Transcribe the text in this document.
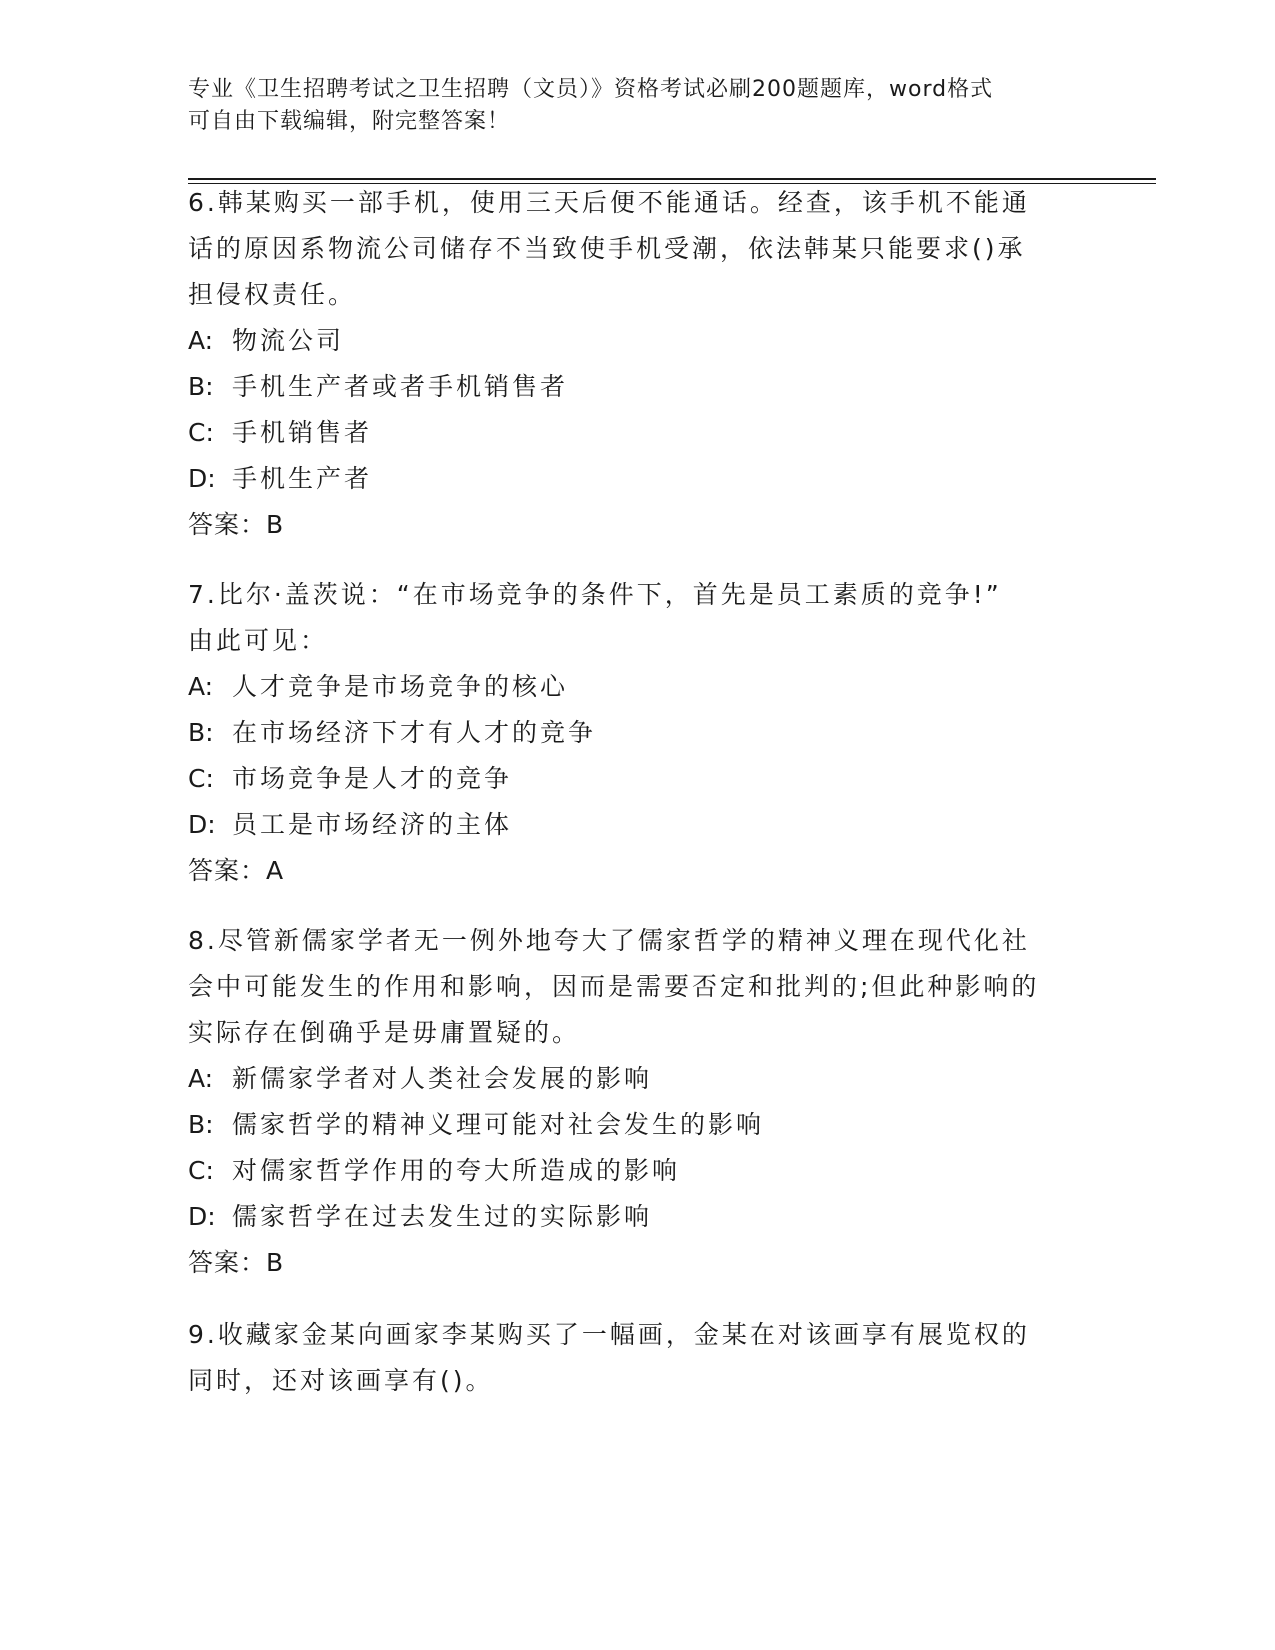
专业《卫生招聘考试之卫生招聘（文员）》资格考试必刷200题题库，word格式
可自由下载编辑，附完整答案！
6.韩某购买一部手机，使用三天后便不能通话。经查，该手机不能通
话的原因系物流公司储存不当致使手机受潮，依法韩某只能要求()承
担侵权责任。
A: 物流公司
B: 手机生产者或者手机销售者
C: 手机销售者
D: 手机生产者
答案：B
7.比尔·盖茨说：“在市场竞争的条件下，首先是员工素质的竞争!”
由此可见：
A: 人才竞争是市场竞争的核心
B: 在市场经济下才有人才的竞争
C: 市场竞争是人才的竞争
D: 员工是市场经济的主体
答案：A
8.尽管新儒家学者无一例外地夸大了儒家哲学的精神义理在现代化社
会中可能发生的作用和影响，因而是需要否定和批判的;但此种影响的
实际存在倒确乎是毋庸置疑的。
A: 新儒家学者对人类社会发展的影响
B: 儒家哲学的精神义理可能对社会发生的影响
C: 对儒家哲学作用的夸大所造成的影响
D: 儒家哲学在过去发生过的实际影响
答案：B
9.收藏家金某向画家李某购买了一幅画，金某在对该画享有展览权的
同时，还对该画享有()。
